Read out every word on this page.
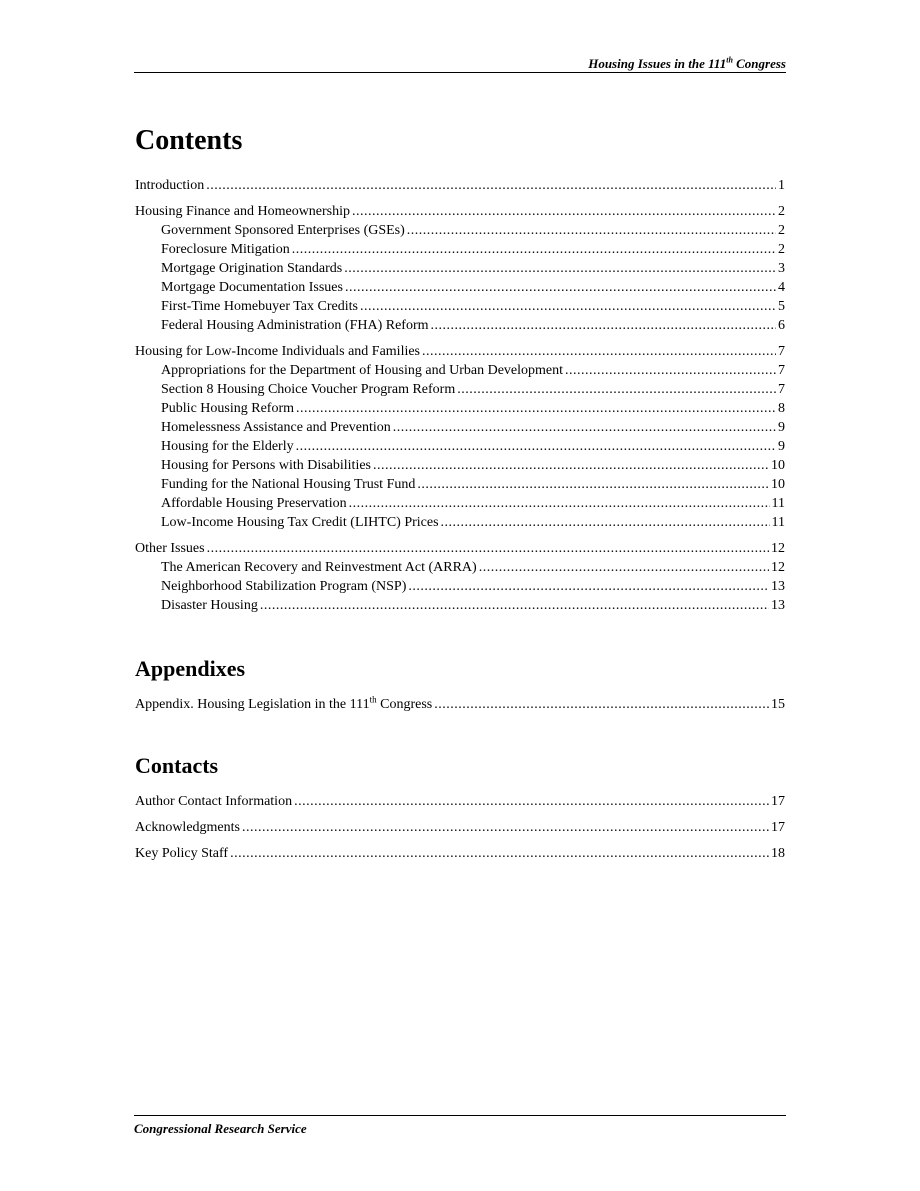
Housing Issues in the 111th Congress
Contents
Introduction .....	1
Housing Finance and Homeownership .....	2
Government Sponsored Enterprises (GSEs) .....	2
Foreclosure Mitigation .....	2
Mortgage Origination Standards .....	3
Mortgage Documentation Issues .....	4
First-Time Homebuyer Tax Credits .....	5
Federal Housing Administration (FHA) Reform .....	6
Housing for Low-Income Individuals and Families .....	7
Appropriations for the Department of Housing and Urban Development .....	7
Section 8 Housing Choice Voucher Program Reform .....	7
Public Housing Reform .....	8
Homelessness Assistance and Prevention .....	9
Housing for the Elderly .....	9
Housing for Persons with Disabilities .....	10
Funding for the National Housing Trust Fund .....	10
Affordable Housing Preservation .....	11
Low-Income Housing Tax Credit (LIHTC) Prices .....	11
Other Issues .....	12
The American Recovery and Reinvestment Act (ARRA) .....	12
Neighborhood Stabilization Program (NSP) .....	13
Disaster Housing .....	13
Appendixes
Appendix. Housing Legislation in the 111th Congress .....	15
Contacts
Author Contact Information .....	17
Acknowledgments .....	17
Key Policy Staff .....	18
Congressional Research Service
